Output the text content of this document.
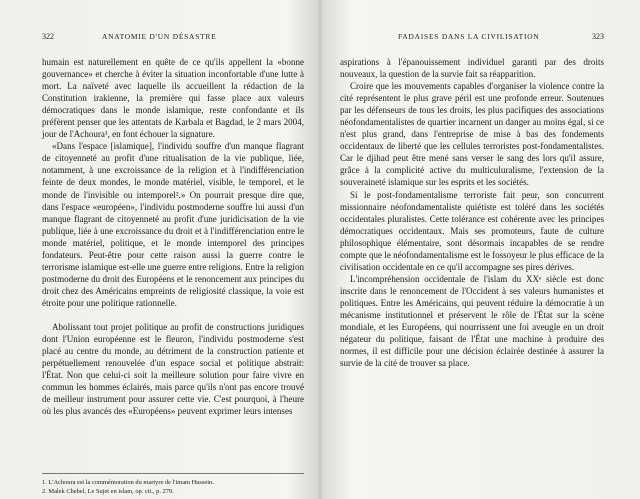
322	ANATOMIE D'UN DÉSASTRE

humain est naturellement en quête de ce qu'ils appellent la «bonne gouvernance» et cherche à éviter la situation inconfortable d'une lutte à mort. La naïveté avec laquelle ils accueillent la rédaction de la Constitution irakienne, la première qui fasse place aux valeurs démocratiques dans le monde islamique, reste confondante et ils préfèrent penser que les attentats de Karbala et Bagdad, le 2 mars 2004, jour de l'Achoura¹, en font échouer la signature.

«Dans l'espace [islamique], l'individu souffre d'un manque flagrant de citoyenneté au profit d'une ritualisation de la vie publique, liée, notamment, à une excroissance de la religion et à l'indifférenciation feinte de deux mondes, le monde matériel, visible, le temporel, et le monde de l'invisible ou intemporel².» On pourrait presque dire que, dans l'espace «européen», l'individu postmoderne souffre lui aussi d'un manque flagrant de citoyenneté au profit d'une juridicisation de la vie publique, liée à une excroissance du droit et à l'indifférenciation entre le monde matériel, politique, et le monde intemporel des principes fondateurs. Peut-être pour cette raison aussi la guerre contre le terrorisme islamique est-elle une guerre entre religions. Entre la religion postmoderne du droit des Européens et le renoncement aux principes du droit chez des Américains empreints de religiosité classique, la voie est étroite pour une politique rationnelle.

Abolissant tout projet politique au profit de constructions juridiques dont l'Union européenne est le fleuron, l'individu postmoderne s'est placé au centre du monde, au détriment de la construction patiente et perpétuellement renouvelée d'un espace social et politique abstrait: l'État. Non que celui-ci soit la meilleure solution pour faire vivre en commun les hommes éclairés, mais parce qu'ils n'ont pas encore trouvé de meilleur instrument pour assurer cette vie. C'est pourquoi, à l'heure où les plus avancés des «Européens» peuvent exprimer leurs intenses

1. L'Achoura est la commémoration du martyre de l'imam Hussein.

2. Malek Chebel, Le Sujet en islam, op. cit., p. 279.

FADAISES DANS LA CIVILISATION	323

aspirations à l'épanouissement individuel garanti par des droits nouveaux, la question de la survie fait sa réapparition.

Croire que les mouvements capables d'organiser la violence contre la cité représentent le plus grave péril est une profonde erreur. Soutenues par les défenseurs de tous les droits, les plus pacifiques des associations néofondamentalistes de quartier incarnent un danger au moins égal, si ce n'est plus grand, dans l'entreprise de mise à bas des fondements occidentaux de liberté que les cellules terroristes post-fondamentalistes. Car le djihad peut être mené sans verser le sang des lors qu'il assure, grâce à la complicité active du multiculuralisme, l'extension de la souveraineté islamique sur les esprits et les sociétés.

Si le post-fondamentalisme terroriste fait peur, son concurrent missionnaire néofondamentaliste quiétiste est toléré dans les sociétés occidentales pluralistes. Cette tolérance est cohérente avec les principes démocratiques occidentaux. Mais ses promoteurs, faute de culture philosophique élémentaire, sont désormais incapables de se rendre compte que le néofondamentalisme est le fossoyeur le plus efficace de la civilisation occidentale en ce qu'il accompagne ses pires dérives.

L'incompréhension occidentale de l'islam du XXᵉ siècle est donc inscrite dans le renoncement de l'Occident à ses valeurs humanistes et politiques. Entre les Américains, qui peuvent réduire la démocratie à un mécanisme institutionnel et préservent le rôle de l'État sur la scène mondiale, et les Européens, qui nourrissent une foi aveugle en un droit négateur du politique, faisant de l'État une machine à produire des normes, il est difficile pour une décision éclairée destinée à assurer la survie de la cité de trouver sa place.
